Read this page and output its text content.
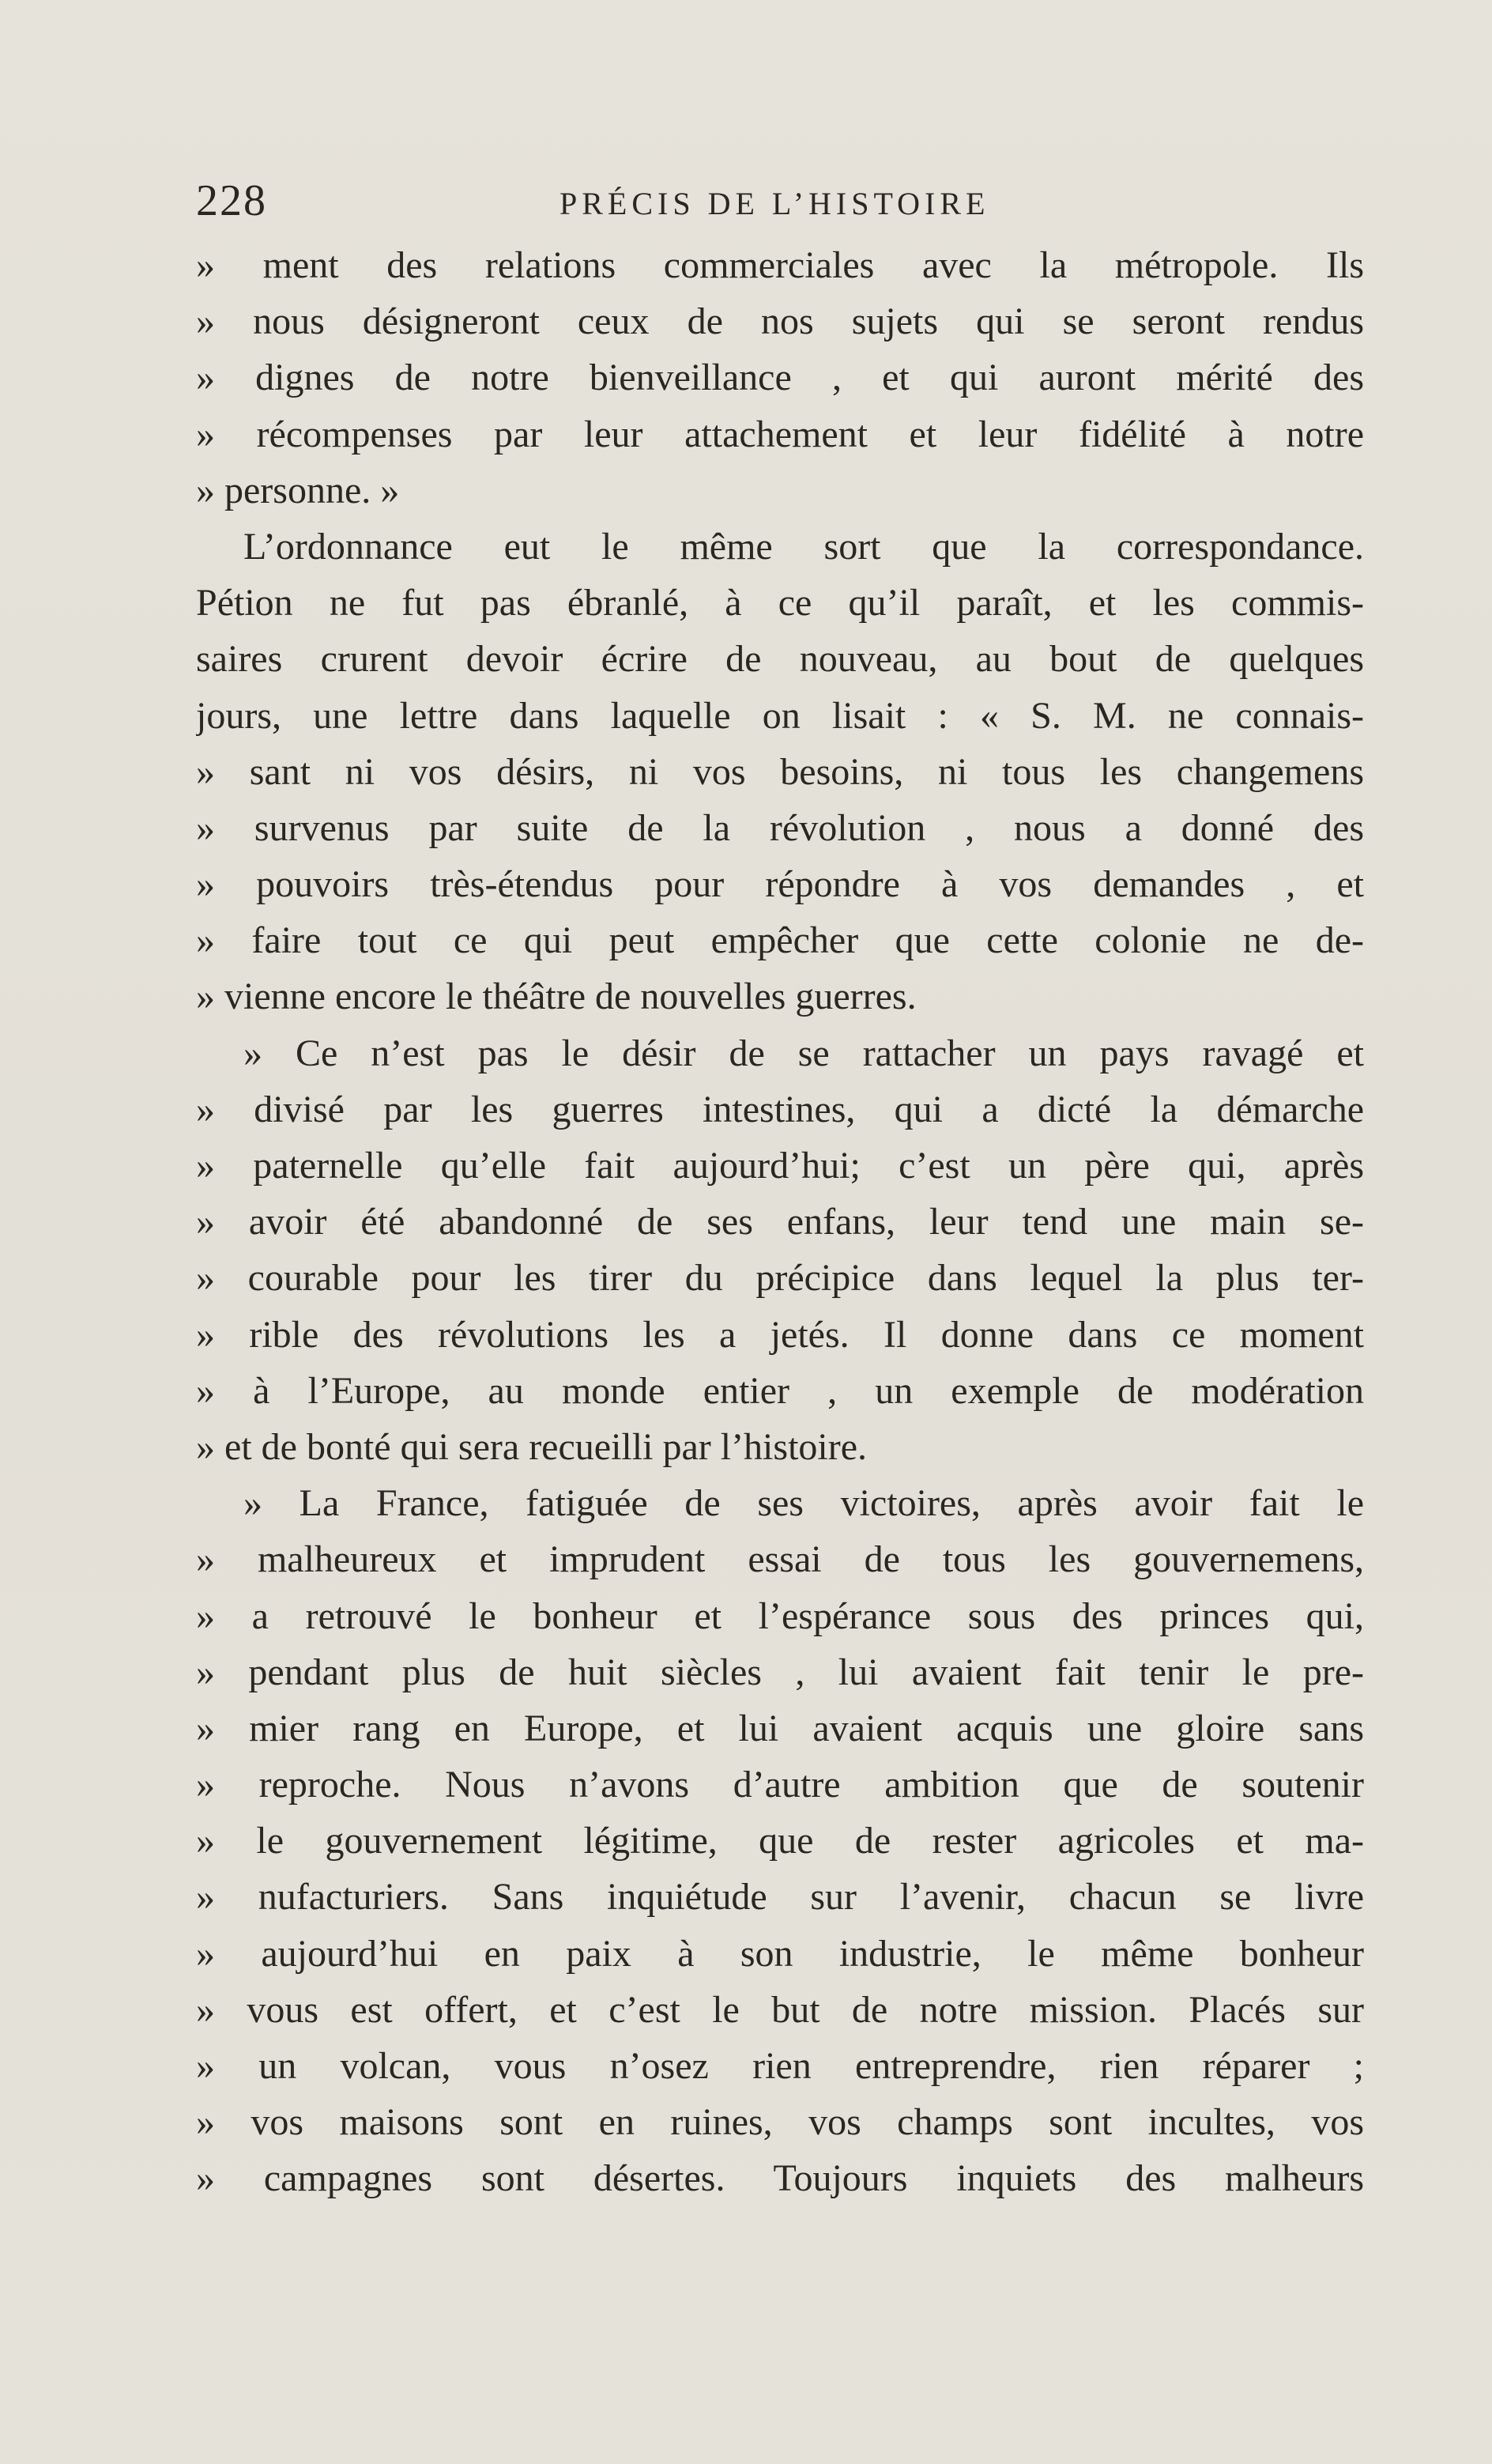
228	PRÉCIS DE L’HISTOIRE
» ment des relations commerciales avec la métropole. Ils
» nous désigneront ceux de nos sujets qui se seront rendus
» dignes de notre bienveillance , et qui auront mérité des
» récompenses par leur attachement et leur fidélité à notre
» personne. »
L’ordonnance eut le même sort que la correspondance.
Pétion ne fut pas ébranlé, à ce qu’il paraît, et les commis-
saires crurent devoir écrire de nouveau, au bout de quelques
jours, une lettre dans laquelle on lisait : « S. M. ne connais-
» sant ni vos désirs, ni vos besoins, ni tous les changemens
» survenus par suite de la révolution , nous a donné des
» pouvoirs très-étendus pour répondre à vos demandes , et
» faire tout ce qui peut empêcher que cette colonie ne de-
» vienne encore le théâtre de nouvelles guerres.
» Ce n’est pas le désir de se rattacher un pays ravagé et
» divisé par les guerres intestines, qui a dicté la démarche
» paternelle qu’elle fait aujourd’hui; c’est un père qui, après
» avoir été abandonné de ses enfans, leur tend une main se-
» courable pour les tirer du précipice dans lequel la plus ter-
» rible des révolutions les a jetés. Il donne dans ce moment
» à l’Europe, au monde entier , un exemple de modération
» et de bonté qui sera recueilli par l’histoire.
» La France, fatiguée de ses victoires, après avoir fait le
» malheureux et imprudent essai de tous les gouvernemens,
» a retrouvé le bonheur et l’espérance sous des princes qui,
» pendant plus de huit siècles , lui avaient fait tenir le pre-
» mier rang en Europe, et lui avaient acquis une gloire sans
» reproche. Nous n’avons d’autre ambition que de soutenir
» le gouvernement légitime, que de rester agricoles et ma-
» nufacturiers. Sans inquiétude sur l’avenir, chacun se livre
» aujourd’hui en paix à son industrie, le même bonheur
» vous est offert, et c’est le but de notre mission. Placés sur
» un volcan, vous n’osez rien entreprendre, rien réparer ;
» vos maisons sont en ruines, vos champs sont incultes, vos
» campagnes sont désertes. Toujours inquiets des malheurs
